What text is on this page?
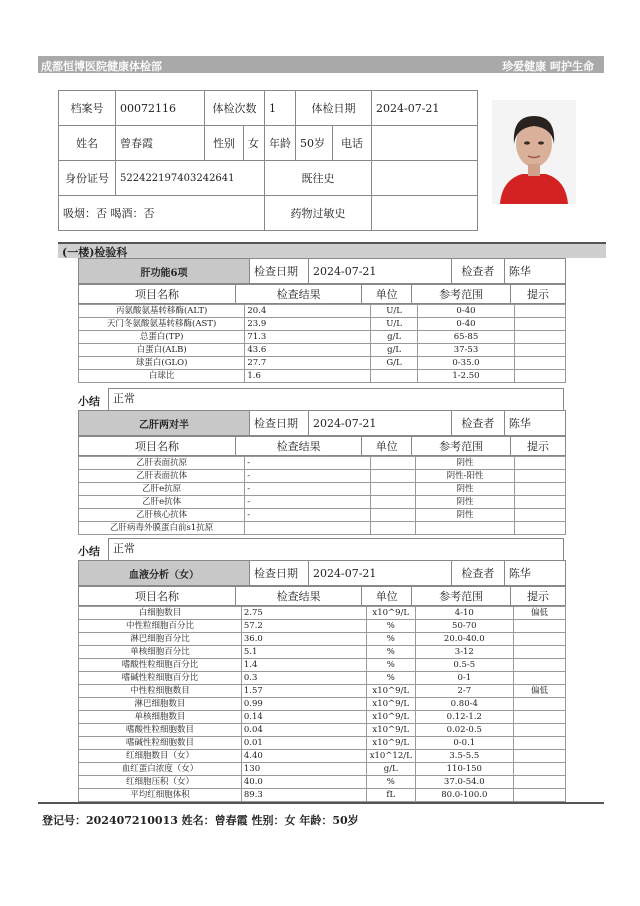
成都恒博医院健康体检部	珍爱健康 呵护生命
档案号	00072116	体检次数		1	体检日期		2024-07-21
姓名	曾春霞	性别	女	年龄	50岁	电话	
身份证号	522422197403242641			既往史			
吸烟：否 喝酒：否				药物过敏史			
(一楼)检验科
肝功能6项	检查日期	2024-07-21	检查者	陈华
项目名称	检查结果	单位	参考范围	提示
丙氨酸氨基转移酶(ALT)	20.4	U/L	0-40	
天门冬氨酸氨基转移酶(AST)	23.9	U/L	0-40	
总蛋白(TP)	71.3	g/L	65-85	
白蛋白(ALB)	43.6	g/L	37-53	
球蛋白(GLO)	27.7	G/L	0-35.0	
白球比	1.6		1-2.50	
小结	正常
乙肝两对半	检查日期	2024-07-21	检查者	陈华
项目名称	检查结果	单位	参考范围	提示
乙肝表面抗原	-		阴性	
乙肝表面抗体	-		阴性-阳性	
乙肝e抗原	-		阴性	
乙肝e抗体	-		阴性	
乙肝核心抗体	-		阴性	
乙肝病毒外膜蛋白前s1抗原				
小结	正常
血液分析（女）	检查日期	2024-07-21	检查者	陈华
项目名称	检查结果	单位	参考范围	提示
白细胞数目	2.75	x10^9/L	4-10	偏低
中性粒细胞百分比	57.2	%	50-70	
淋巴细胞百分比	36.0	%	20.0-40.0	
单核细胞百分比	5.1	%	3-12	
嗜酸性粒细胞百分比	1.4	%	0.5-5	
嗜碱性粒细胞百分比	0.3	%	0-1	
中性粒细胞数目	1.57	x10^9/L	2-7	偏低
淋巴细胞数目	0.99	x10^9/L	0.80-4	
单核细胞数目	0.14	x10^9/L	0.12-1.2	
嗜酸性粒细胞数目	0.04	x10^9/L	0.02-0.5	
嗜碱性粒细胞数目	0.01	x10^9/L	0-0.1	
红细胞数目（女）	4.40	x10^12/L	3.5-5.5	
血红蛋白浓度（女）	130	g/L	110-150	
红细胞压积（女）	40.0	%	37.0-54.0	
平均红细胞体积	89.3	fL	80.0-100.0	
登记号：202407210013 姓名：曾春霞 性别：女 年龄：50岁
